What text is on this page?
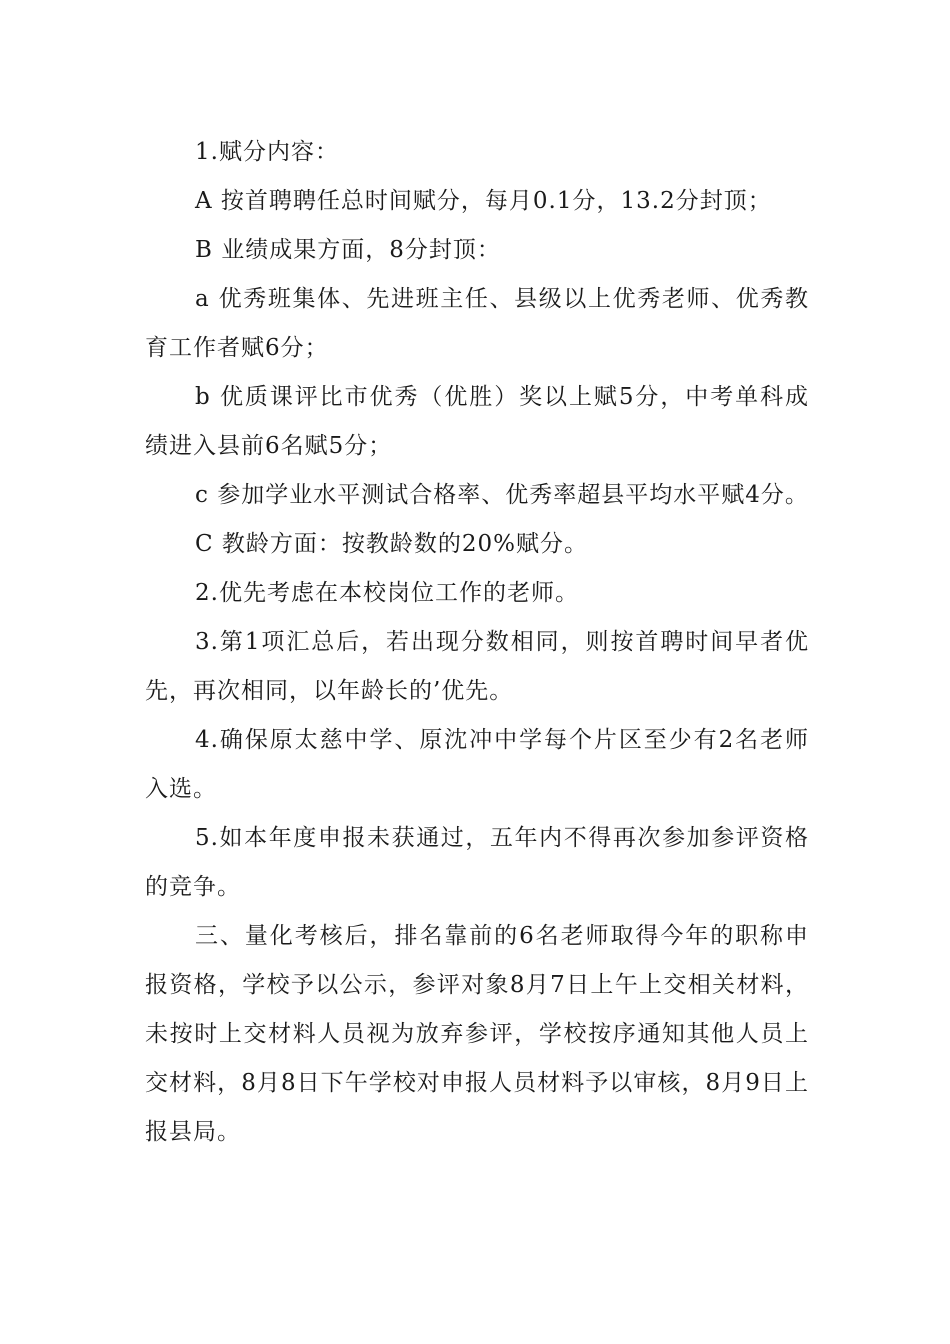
1.赋分内容：

A 按首聘聘任总时间赋分，每月0.1分，13.2分封顶；

B 业绩成果方面，8分封顶：

a 优秀班集体、先进班主任、县级以上优秀老师、优秀教育工作者赋6分；

b 优质课评比市优秀（优胜）奖以上赋5分，中考单科成绩进入县前6名赋5分；

c 参加学业水平测试合格率、优秀率超县平均水平赋4分。

C 教龄方面：按教龄数的20%赋分。

2.优先考虑在本校岗位工作的老师。

3.第1项汇总后，若出现分数相同，则按首聘时间早者优先，再次相同，以年龄长的’优先。

4.确保原太慈中学、原沈冲中学每个片区至少有2名老师入选。

5.如本年度申报未获通过，五年内不得再次参加参评资格的竞争。

三、量化考核后，排名靠前的6名老师取得今年的职称申报资格，学校予以公示，参评对象8月7日上午上交相关材料，未按时上交材料人员视为放弃参评，学校按序通知其他人员上交材料，8月8日下午学校对申报人员材料予以审核，8月9日上报县局。
